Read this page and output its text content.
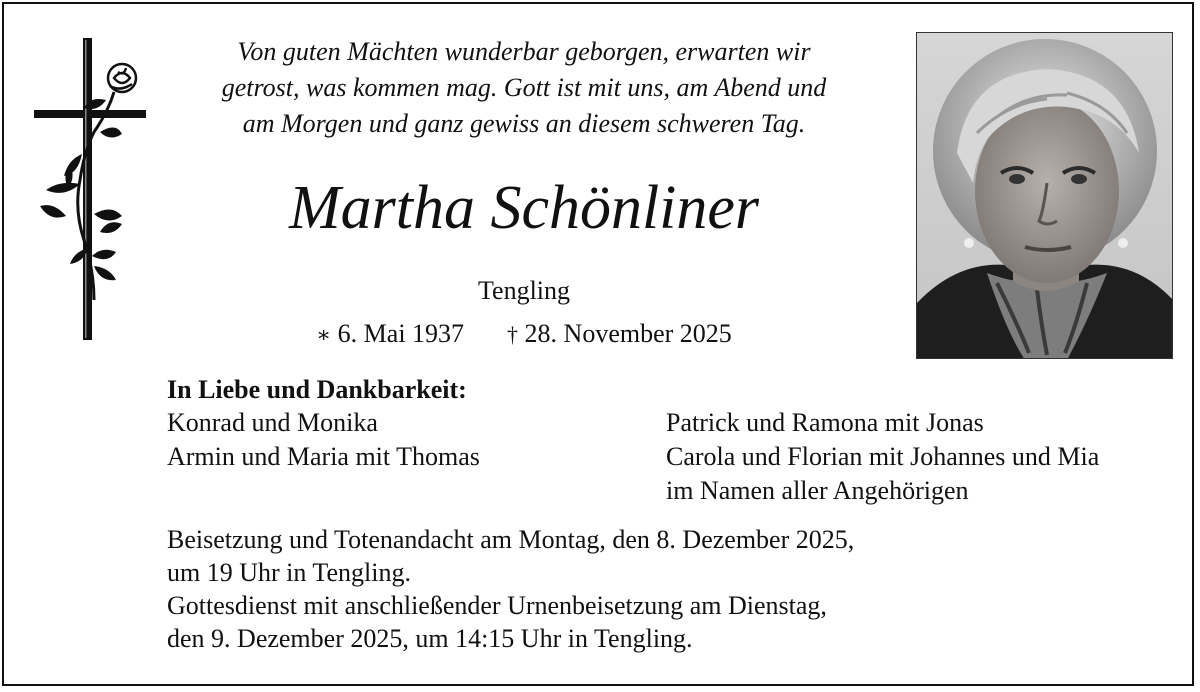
Von guten Mächten wunderbar geborgen, erwarten wir
getrost, was kommen mag. Gott ist mit uns, am Abend und
am Morgen und ganz gewiss an diesem schweren Tag.
Martha Schönliner
Tengling
∗ 6. Mai 1937 † 28. November 2025
In Liebe und Dankbarkeit:
Konrad und Monika
Armin und Maria mit Thomas
Patrick und Ramona mit Jonas
Carola und Florian mit Johannes und Mia
im Namen aller Angehörigen
Beisetzung und Totenandacht am Montag, den 8. Dezember 2025,
um 19 Uhr in Tengling.
Gottesdienst mit anschließender Urnenbeisetzung am Dienstag,
den 9. Dezember 2025, um 14:15 Uhr in Tengling.
